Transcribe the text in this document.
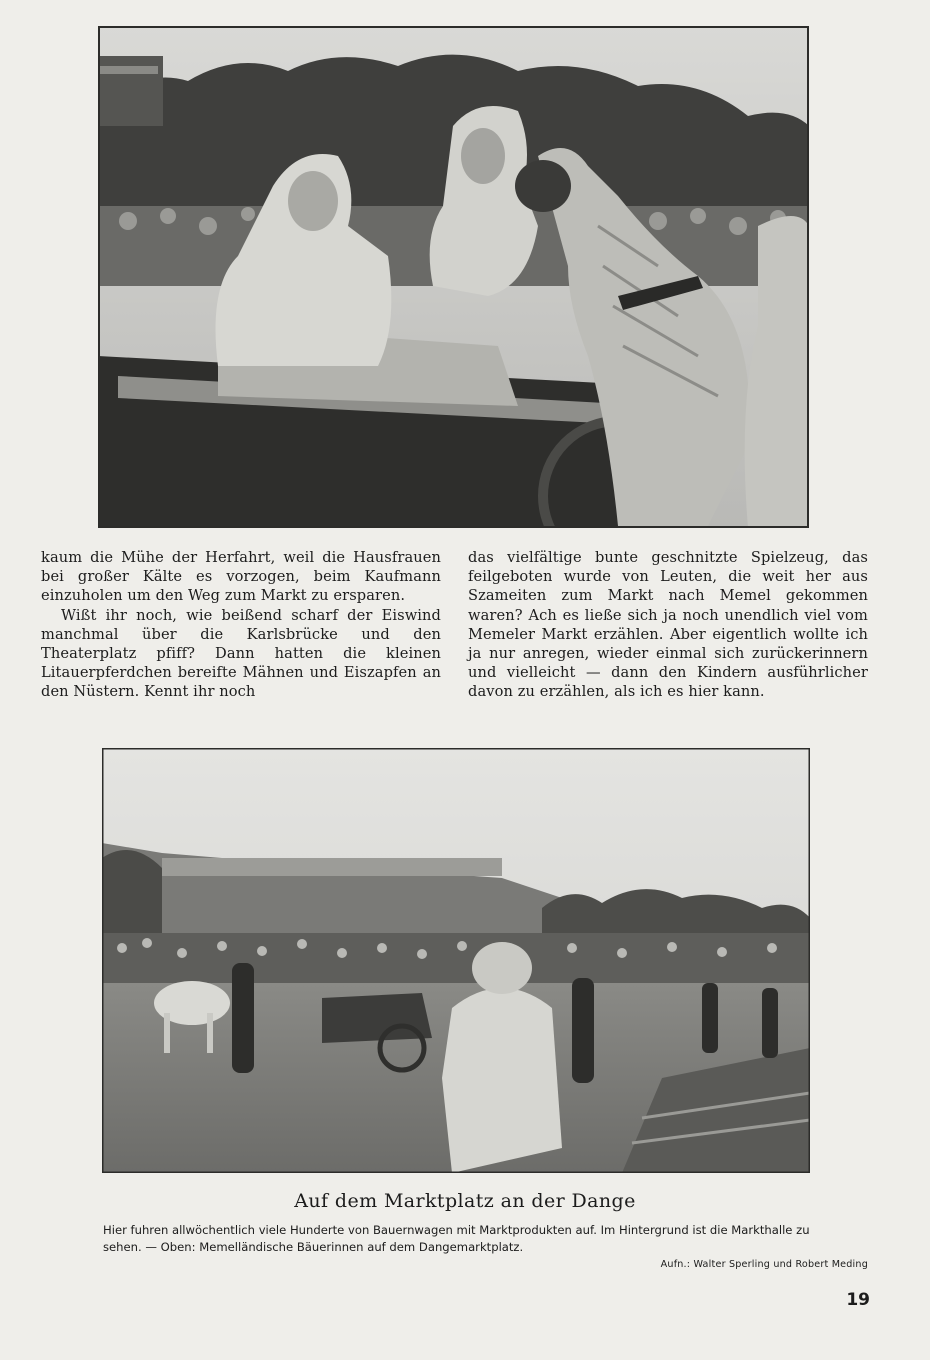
kaum die Mühe der Herfahrt, weil die Hausfrauen bei großer Kälte es vorzogen, beim Kaufmann einzuholen um den Weg zum Markt zu ersparen.

Wißt ihr noch, wie beißend scharf der Eiswind manchmal über die Karlsbrücke und den Theaterplatz pfiff? Dann hatten die kleinen Litauerpferdchen bereifte Mähnen und Eiszapfen an den Nüstern. Kennt ihr noch

das vielfältige bunte geschnitzte Spielzeug, das feilgeboten wurde von Leuten, die weit her aus Szameiten zum Markt nach Memel gekommen waren? Ach es ließe sich ja noch unendlich viel vom Memeler Markt erzählen. Aber eigentlich wollte ich ja nur anregen, wieder einmal sich zurückerinnern und vielleicht — dann den Kindern ausführlicher davon zu erzählen, als ich es hier kann.

Auf dem Marktplatz an der Dange
Hier fuhren allwöchentlich viele Hunderte von Bauernwagen mit Marktprodukten auf. Im Hintergrund ist die Markthalle zu sehen. — Oben: Memelländische Bäuerinnen auf dem Dangemarktplatz.
Aufn.: Walter Sperling und Robert Meding
19
